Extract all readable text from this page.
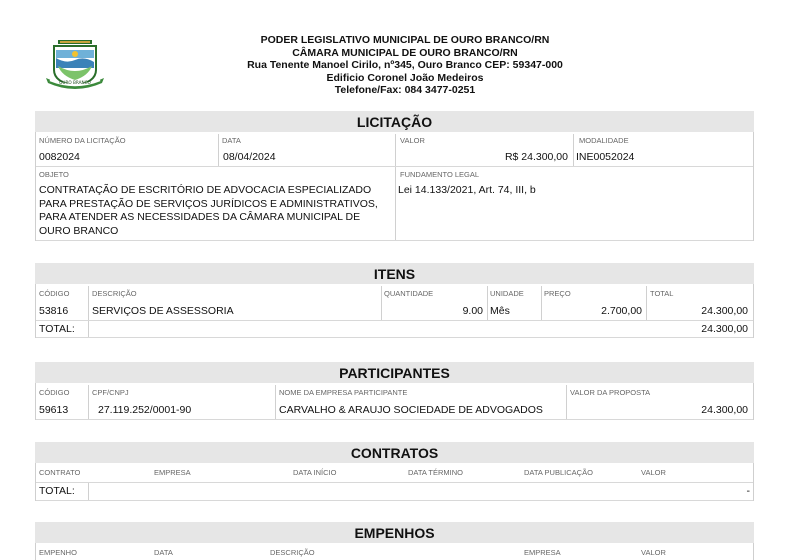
OURO BRANCO
PODER LEGISLATIVO MUNICIPAL DE OURO BRANCO/RN
CÂMARA MUNICIPAL DE OURO BRANCO/RN
Rua Tenente Manoel Cirilo, nº345, Ouro Branco CEP: 59347-000
Edificio Coronel João Medeiros
Telefone/Fax: 084 3477-0251
LICITAÇÃO
NÚMERO DA LICITAÇÃO
0082024
DATA
08/04/2024
VALOR
R$ 24.300,00
MODALIDADE
INE0052024
OBJETO
CONTRATAÇÃO DE ESCRITÓRIO DE ADVOCACIA ESPECIALIZADO
PARA PRESTAÇÃO DE SERVIÇOS JURÍDICOS E ADMINISTRATIVOS,
PARA ATENDER AS NECESSIDADES DA CÂMARA MUNICIPAL DE
OURO BRANCO
FUNDAMENTO LEGAL
Lei 14.133/2021, Art. 74, III, b
ITENS
CÓDIGO	DESCRIÇÃO	QUANTIDADE	UNIDADE	PREÇO	TOTAL
53816 SERVIÇOS DE ASSESSORIA	9.00 Mês	2.700,00	24.300,00
TOTAL:	24.300,00
PARTICIPANTES
CÓDIGO	CPF/CNPJ	NOME DA EMPRESA PARTICIPANTE	VALOR DA PROPOSTA
59613	27.119.252/0001-90	CARVALHO & ARAUJO SOCIEDADE DE ADVOGADOS	24.300,00
CONTRATOS
CONTRATO	EMPRESA	DATA INÍCIO	DATA TÉRMINO	DATA PUBLICAÇÃO	VALOR
TOTAL:	-
EMPENHOS
EMPENHO	DATA	DESCRIÇÃO	EMPRESA	VALOR
